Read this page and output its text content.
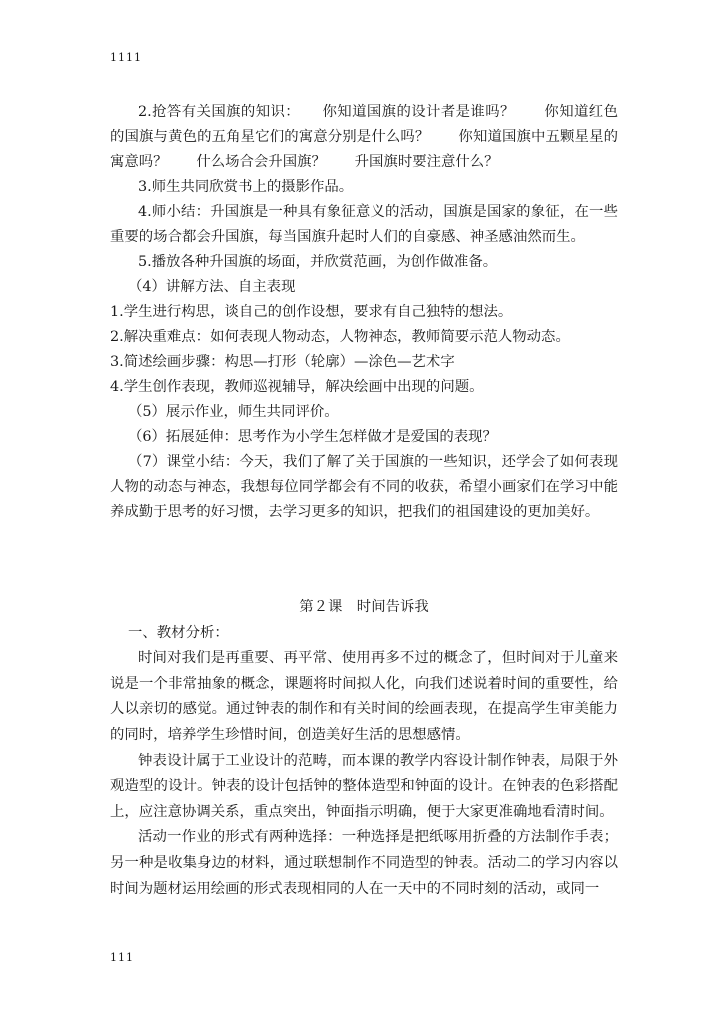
1111

2.抢答有关国旗的知识：　　你知道国旗的设计者是谁吗？　　你知道红色的国旗与黄色的五角星它们的寓意分别是什么吗？　　你知道国旗中五颗星星的寓意吗？　　什么场合会升国旗？　　升国旗时要注意什么？

3.师生共同欣赏书上的摄影作品。

4.师小结：升国旗是一种具有象征意义的活动，国旗是国家的象征，在一些重要的场合都会升国旗，每当国旗升起时人们的自豪感、神圣感油然而生。

5.播放各种升国旗的场面，并欣赏范画，为创作做准备。

（4）讲解方法、自主表现

1.学生进行构思，谈自己的创作设想，要求有自己独特的想法。

2.解决重难点：如何表现人物动态，人物神态，教师简要示范人物动态。

3.简述绘画步骤：构思—打形（轮廓）—涂色—艺术字

4.学生创作表现，教师巡视辅导，解决绘画中出现的问题。

（5）展示作业，师生共同评价。

（6）拓展延伸：思考作为小学生怎样做才是爱国的表现？

（7）课堂小结：今天，我们了解了关于国旗的一些知识，还学会了如何表现人物的动态与神态，我想每位同学都会有不同的收获，希望小画家们在学习中能养成勤于思考的好习惯，去学习更多的知识，把我们的祖国建设的更加美好。

第２课　时间告诉我

一、教材分析：

时间对我们是再重要、再平常、使用再多不过的概念了，但时间对于儿童来说是一个非常抽象的概念，课题将时间拟人化，向我们述说着时间的重要性，给人以亲切的感觉。通过钟表的制作和有关时间的绘画表现，在提高学生审美能力的同时，培养学生珍惜时间，创造美好生活的思想感情。

钟表设计属于工业设计的范畴，而本课的教学内容设计制作钟表，局限于外观造型的设计。钟表的设计包括钟的整体造型和钟面的设计。在钟表的色彩搭配上，应注意协调关系，重点突出，钟面指示明确，便于大家更准确地看清时间。

活动一作业的形式有两种选择：一种选择是把纸啄用折叠的方法制作手表；另一种是收集身边的材料，通过联想制作不同造型的钟表。活动二的学习内容以时间为题材运用绘画的形式表现相同的人在一天中的不同时刻的活动，或同一

111
